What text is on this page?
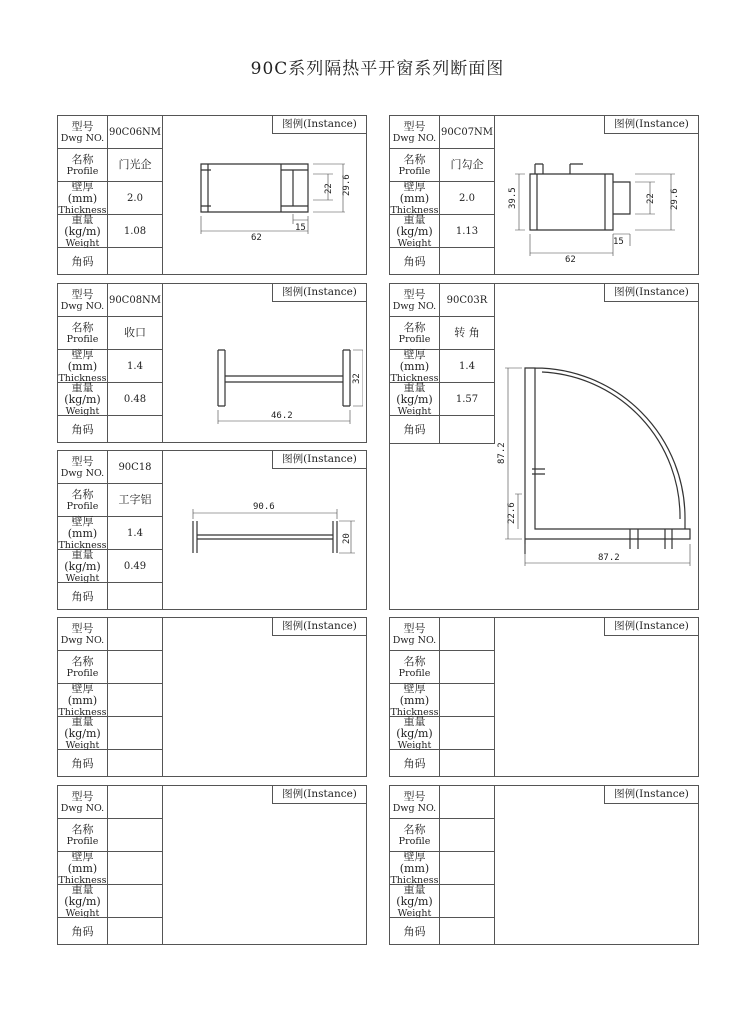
90C系列隔热平开窗系列断面图
型号
Dwg NO.
名称
Profile
壁厚 (mm)
Thickness
重量 (kg/m)
Weight
角码
90C06NM
门光企
2.0
1.08
图例(Instance)
62
15
22 29.6
型号
Dwg NO.
名称
Profile
壁厚 (mm)
Thickness
重量 (kg/m)
Weight
角码
90C07NM
门勾企
2.0
1.13
图例(Instance)
39.5
62
15
22 29.6
型号
Dwg NO.
名称
Profile
壁厚 (mm)
Thickness
重量 (kg/m)
Weight
角码
90C08NM
收口
1.4
0.48
图例(Instance)
46.2
32
型号
Dwg NO.
名称
Profile
壁厚 (mm)
Thickness
重量 (kg/m)
Weight
角码
90C03R
转 角
1.4
1.57
图例(Instance)
87.2
22.6
87.2
型号
Dwg NO.
名称
Profile
壁厚 (mm)
Thickness
重量 (kg/m)
Weight
角码
90C18
工字铝
1.4
0.49
图例(Instance)
90.6
20
型号
Dwg NO.
名称
Profile
壁厚 (mm)
Thickness
重量 (kg/m)
Weight
角码
图例(Instance)	型号
Dwg NO.
名称
Profile
壁厚 (mm)
Thickness
重量 (kg/m)
Weight
角码
图例(Instance)
型号
Dwg NO.
名称
Profile
壁厚 (mm)
Thickness
重量 (kg/m)
Weight
角码
图例(Instance)	型号
Dwg NO.
名称
Profile
壁厚 (mm)
Thickness
重量 (kg/m)
Weight
角码
图例(Instance)
